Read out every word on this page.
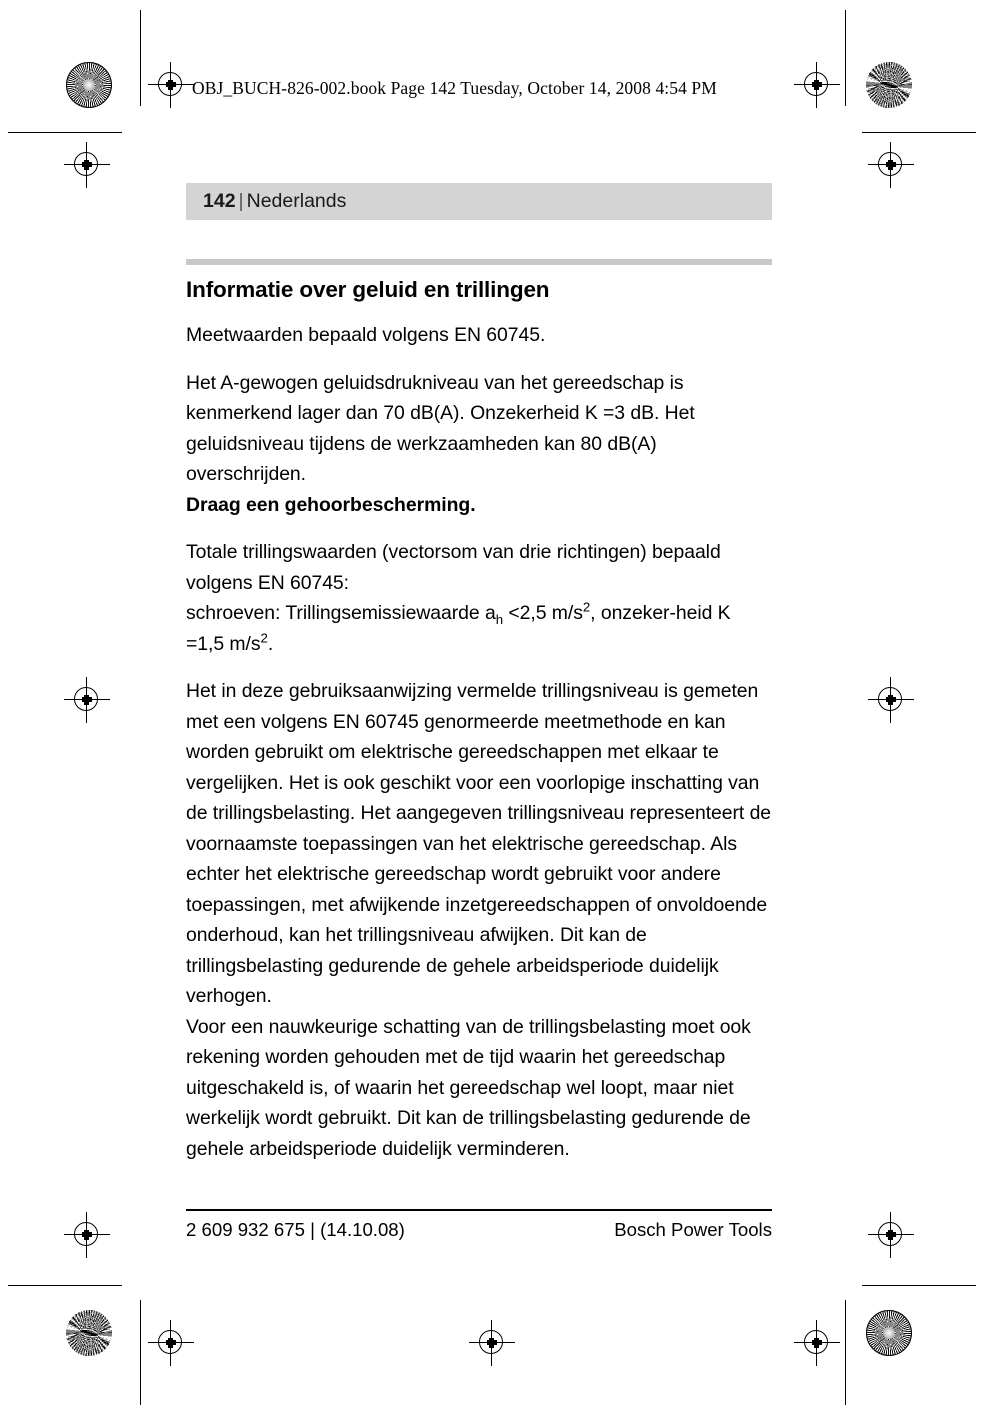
OBJ_BUCH-826-002.book Page 142 Tuesday, October 14, 2008 4:54 PM
142 | Nederlands
Informatie over geluid en trillingen

Meetwaarden bepaald volgens EN 60745.

Het A-gewogen geluidsdrukniveau van het gereedschap is kenmerkend lager dan 70 dB(A). Onzekerheid K =3 dB. Het geluidsniveau tijdens de werkzaamheden kan 80 dB(A) overschrijden.

Draag een gehoorbescherming.

Totale trillingswaarden (vectorsom van drie richtingen) bepaald volgens EN 60745:

schroeven: Trillingsemissiewaarde $a_h <2,5$ $m/s^2$, onzeker-heid K =1,5 $m/s^2$.

Het in deze gebruiksaanwijzing vermelde trillingsniveau is gemeten met een volgens EN 60745 genormeerde meetmethode en kan worden gebruikt om elektrische gereedschappen met elkaar te vergelijken. Het is ook geschikt voor een voorlopige inschatting van de trillingsbelasting. Het aangegeven trillingsniveau representeert de voornaamste toepassingen van het elektrische gereedschap. Als echter het elektrische gereedschap wordt gebruikt voor andere toepassingen, met afwijkende inzetgereedschappen of onvoldoende onderhoud, kan het trillingsniveau afwijken. Dit kan de trillingsbelasting gedurende de gehele arbeidsperiode duidelijk verhogen.

Voor een nauwkeurige schatting van de trillingsbelasting moet ook rekening worden gehouden met de tijd waarin het gereedschap uitgeschakeld is, of waarin het gereedschap wel loopt, maar niet werkelijk wordt gebruikt. Dit kan de trillingsbelasting gedurende de gehele arbeidsperiode duidelijk verminderen.

2 609 932 675 | (14.10.08)	Bosch Power Tools
